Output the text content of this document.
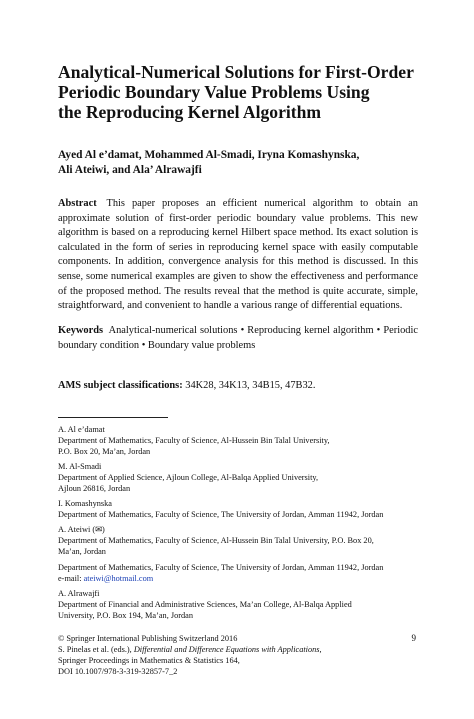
Analytical-Numerical Solutions for First-Order
Periodic Boundary Value Problems Using
the Reproducing Kernel Algorithm
Ayed Al e’damat, Mohammed Al-Smadi, Iryna Komashynska,
Ali Ateiwi, and Ala’ Alrawajfi
Abstract This paper proposes an efficient numerical algorithm to obtain an approximate solution of first-order periodic boundary value problems. This new algorithm is based on a reproducing kernel Hilbert space method. Its exact solution is calculated in the form of series in reproducing kernel space with easily computable components. In addition, convergence analysis for this method is discussed. In this sense, some numerical examples are given to show the effectiveness and performance of the proposed method. The results reveal that the method is quite accurate, simple, straightforward, and convenient to handle a various range of differential equations.
Keywords Analytical-numerical solutions • Reproducing kernel algorithm • Periodic boundary condition • Boundary value problems
AMS subject classifications: 34K28, 34K13, 34B15, 47B32.
A. Al e’damat
Department of Mathematics, Faculty of Science, Al-Hussein Bin Talal University,
P.O. Box 20, Ma’an, Jordan
M. Al-Smadi
Department of Applied Science, Ajloun College, Al-Balqa Applied University,
Ajloun 26816, Jordan
I. Komashynska
Department of Mathematics, Faculty of Science, The University of Jordan, Amman 11942, Jordan
A. Ateiwi (✉)
Department of Mathematics, Faculty of Science, Al-Hussein Bin Talal University, P.O. Box 20,
Ma’an, Jordan
Department of Mathematics, Faculty of Science, The University of Jordan, Amman 11942, Jordan
e-mail: ateiwi@hotmail.com
A. Alrawajfi
Department of Financial and Administrative Sciences, Ma’an College, Al-Balqa Applied
University, P.O. Box 194, Ma’an, Jordan
© Springer International Publishing Switzerland 2016
S. Pinelas et al. (eds.), Differential and Difference Equations with Applications,
Springer Proceedings in Mathematics & Statistics 164,
DOI 10.1007/978-3-319-32857-7_2
9
